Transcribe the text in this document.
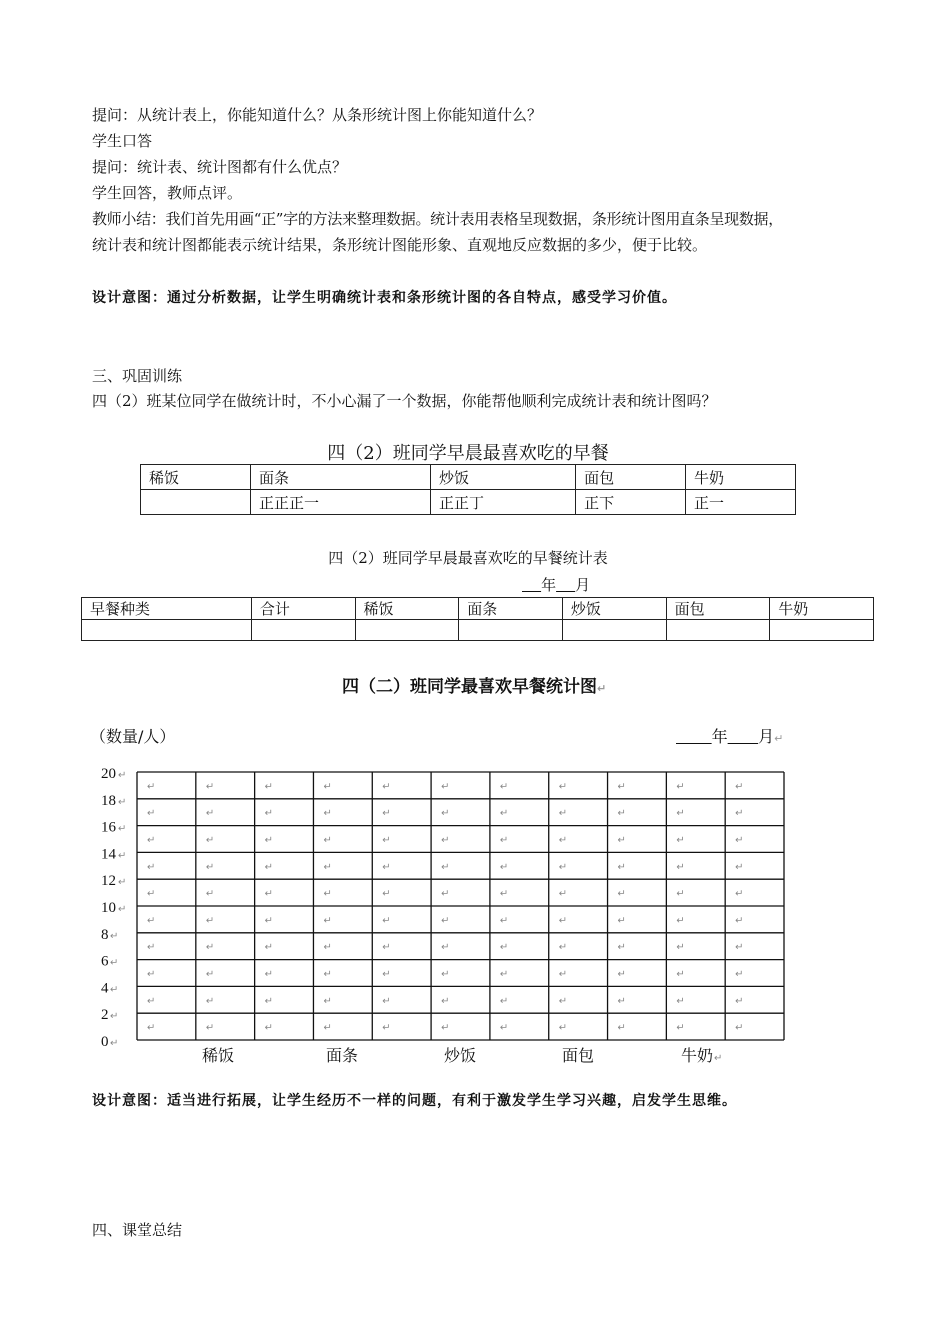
提问：从统计表上，你能知道什么？从条形统计图上你能知道什么？
学生口答
提问：统计表、统计图都有什么优点？
学生回答，教师点评。
教师小结：我们首先用画“正”字的方法来整理数据。统计表用表格呈现数据，条形统计图用直条呈现数据，
统计表和统计图都能表示统计结果，条形统计图能形象、直观地反应数据的多少，便于比较。
设计意图：通过分析数据，让学生明确统计表和条形统计图的各自特点，感受学习价值。
三、巩固训练
四（2）班某位同学在做统计时，不小心漏了一个数据，你能帮他顺利完成统计表和统计图吗？
四（2）班同学早晨最喜欢吃的早餐
稀饭	面条	炒饭	面包	牛奶
	正正正一	正正丁	正下	正一
四（2）班同学早晨最喜欢吃的早餐统计表
年 月
早餐种类	合计	稀饭	面条	炒饭	面包	牛奶

四（二）班同学最喜欢早餐统计图↵
（数量/人）	年 月↵
↵	↵	↵	↵	↵	↵	↵	↵	↵	↵	↵
↵	↵	↵	↵	↵	↵	↵	↵	↵	↵	↵
↵	↵	↵	↵	↵	↵	↵	↵	↵	↵	↵
↵	↵	↵	↵	↵	↵	↵	↵	↵	↵	↵
↵	↵	↵	↵	↵	↵	↵	↵	↵	↵	↵
↵	↵	↵	↵	↵	↵	↵	↵	↵	↵	↵
↵	↵	↵	↵	↵	↵	↵	↵	↵	↵	↵
↵	↵	↵	↵	↵	↵	↵	↵	↵	↵	↵
↵	↵	↵	↵	↵	↵	↵	↵	↵	↵	↵
↵	↵	↵	↵	↵	↵	↵	↵	↵	↵	↵
0 ↵
2 ↵
4 ↵
6 ↵
8 ↵
10 ↵
12 ↵
14 ↵
16 ↵
18 ↵
20 ↵
稀饭	面条	炒饭	面包	牛奶 ↵
设计意图：适当进行拓展，让学生经历不一样的问题，有利于激发学生学习兴趣，启发学生思维。
四、课堂总结
